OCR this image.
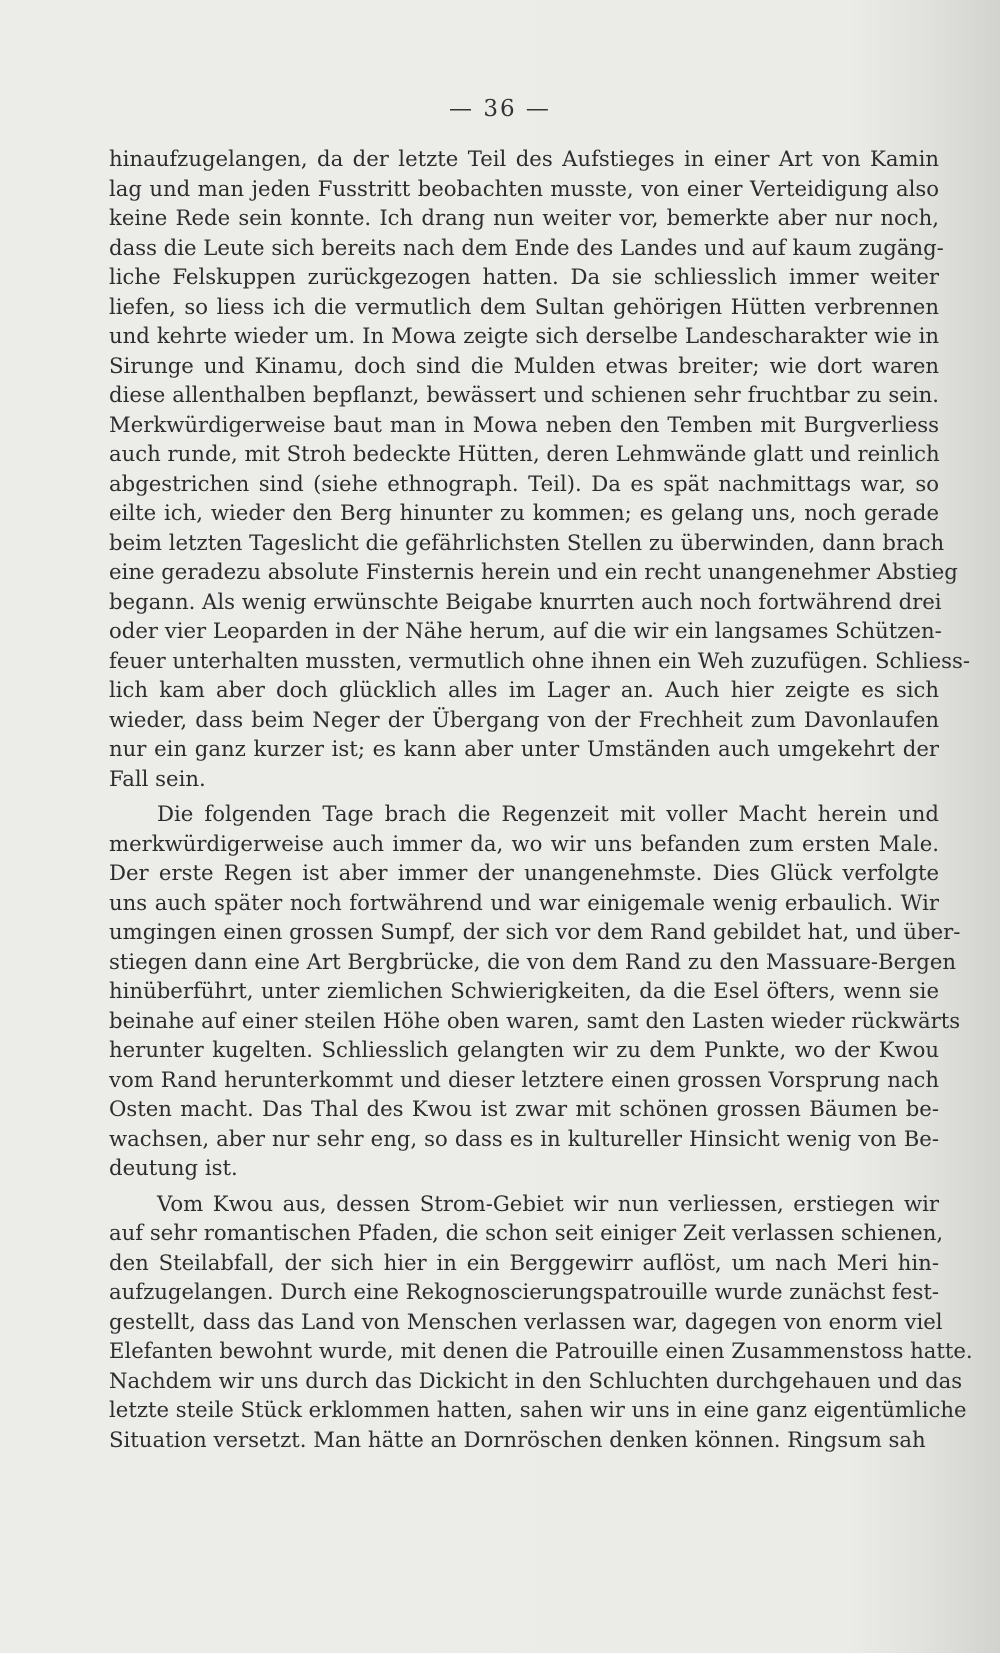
— 36 —
hinaufzugelangen, da der letzte Teil des Aufstieges in einer Art von Kamin
lag und man jeden Fusstritt beobachten musste, von einer Verteidigung also
keine Rede sein konnte. Ich drang nun weiter vor, bemerkte aber nur noch,
dass die Leute sich bereits nach dem Ende des Landes und auf kaum zugäng-
liche Felskuppen zurückgezogen hatten. Da sie schliesslich immer weiter
liefen, so liess ich die vermutlich dem Sultan gehörigen Hütten verbrennen
und kehrte wieder um. In Mowa zeigte sich derselbe Landescharakter wie in
Sirunge und Kinamu, doch sind die Mulden etwas breiter; wie dort waren
diese allenthalben bepflanzt, bewässert und schienen sehr fruchtbar zu sein.
Merkwürdigerweise baut man in Mowa neben den Temben mit Burgverliess
auch runde, mit Stroh bedeckte Hütten, deren Lehmwände glatt und reinlich
abgestrichen sind (siehe ethnograph. Teil). Da es spät nachmittags war, so
eilte ich, wieder den Berg hinunter zu kommen; es gelang uns, noch gerade
beim letzten Tageslicht die gefährlichsten Stellen zu überwinden, dann brach
eine geradezu absolute Finsternis herein und ein recht unangenehmer Abstieg
begann. Als wenig erwünschte Beigabe knurrten auch noch fortwährend drei
oder vier Leoparden in der Nähe herum, auf die wir ein langsames Schützen-
feuer unterhalten mussten, vermutlich ohne ihnen ein Weh zuzufügen. Schliess-
lich kam aber doch glücklich alles im Lager an. Auch hier zeigte es sich
wieder, dass beim Neger der Übergang von der Frechheit zum Davonlaufen
nur ein ganz kurzer ist; es kann aber unter Umständen auch umgekehrt der
Fall sein.
Die folgenden Tage brach die Regenzeit mit voller Macht herein und
merkwürdigerweise auch immer da, wo wir uns befanden zum ersten Male.
Der erste Regen ist aber immer der unangenehmste. Dies Glück verfolgte
uns auch später noch fortwährend und war einigemale wenig erbaulich. Wir
umgingen einen grossen Sumpf, der sich vor dem Rand gebildet hat, und über-
stiegen dann eine Art Bergbrücke, die von dem Rand zu den Massuare-Bergen
hinüberführt, unter ziemlichen Schwierigkeiten, da die Esel öfters, wenn sie
beinahe auf einer steilen Höhe oben waren, samt den Lasten wieder rückwärts
herunter kugelten. Schliesslich gelangten wir zu dem Punkte, wo der Kwou
vom Rand herunterkommt und dieser letztere einen grossen Vorsprung nach
Osten macht. Das Thal des Kwou ist zwar mit schönen grossen Bäumen be-
wachsen, aber nur sehr eng, so dass es in kultureller Hinsicht wenig von Be-
deutung ist.
Vom Kwou aus, dessen Strom-Gebiet wir nun verliessen, erstiegen wir
auf sehr romantischen Pfaden, die schon seit einiger Zeit verlassen schienen,
den Steilabfall, der sich hier in ein Berggewirr auflöst, um nach Meri hin-
aufzugelangen. Durch eine Rekognoscierungspatrouille wurde zunächst fest-
gestellt, dass das Land von Menschen verlassen war, dagegen von enorm viel
Elefanten bewohnt wurde, mit denen die Patrouille einen Zusammenstoss hatte.
Nachdem wir uns durch das Dickicht in den Schluchten durchgehauen und das
letzte steile Stück erklommen hatten, sahen wir uns in eine ganz eigentümliche
Situation versetzt. Man hätte an Dornröschen denken können. Ringsum sah
